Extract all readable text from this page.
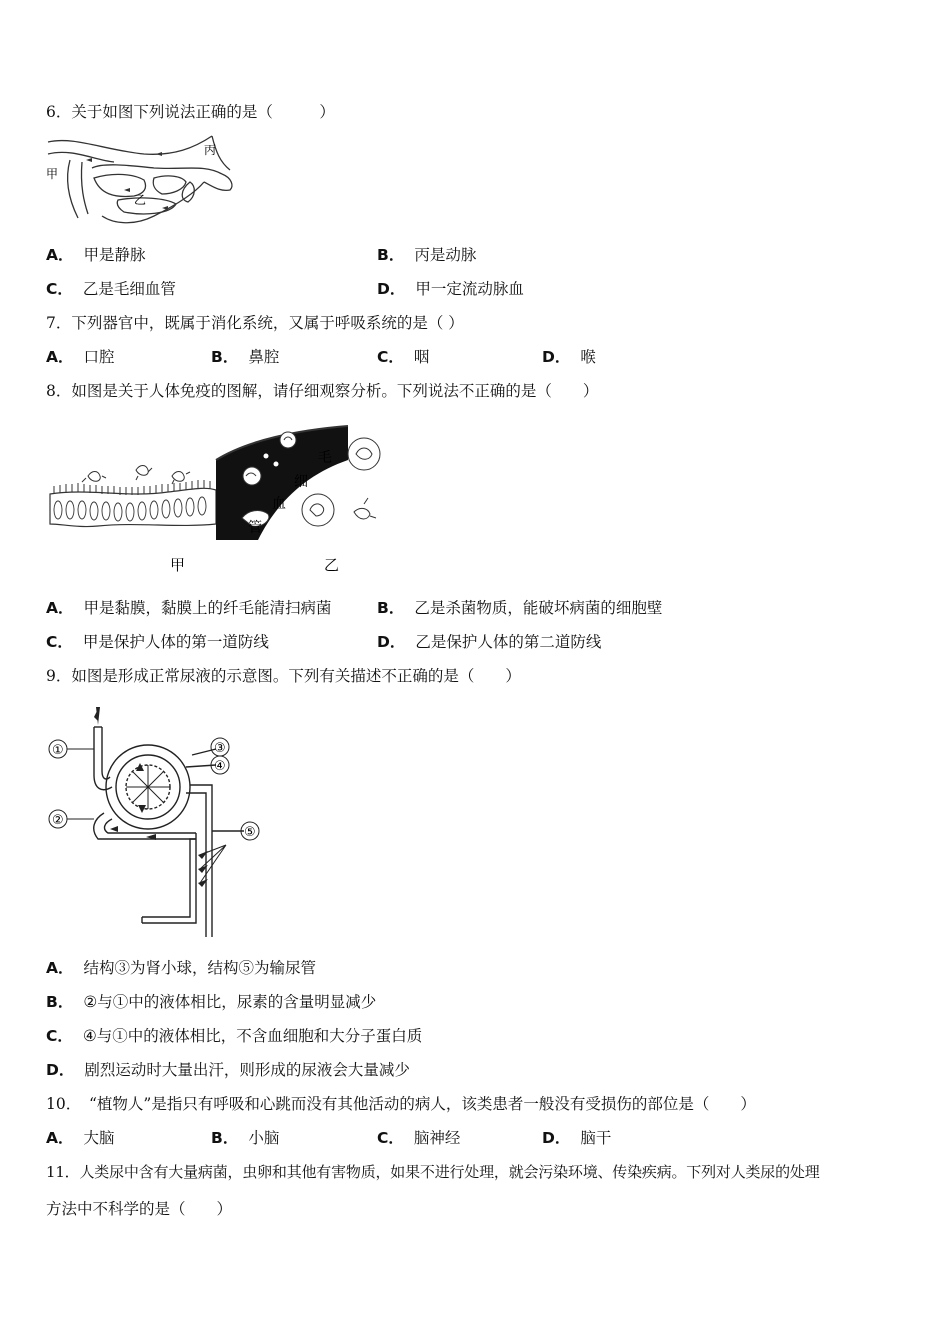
6．关于如图下列说法正确的是（　　　）
甲
乙
丙
A． 甲是静脉	B． 丙是动脉
C． 乙是毛细血管	D． 甲一定流动脉血
7．下列器官中，既属于消化系统，又属于呼吸系统的是（ ）
A． 口腔	B． 鼻腔	C． 咽	D． 喉
8．如图是关于人体免疫的图解，请仔细观察分析。下列说法不正确的是（　　）
毛
细
血
管
甲	乙
A． 甲是黏膜，黏膜上的纤毛能清扫病菌	B． 乙是杀菌物质，能破坏病菌的细胞壁
C． 甲是保护人体的第一道防线	D． 乙是保护人体的第二道防线
9．如图是形成正常尿液的示意图。下列有关描述不正确的是（　　）
①
②
③
④
⑤
A． 结构③为肾小球，结构⑤为输尿管
B． ②与①中的液体相比，尿素的含量明显减少
C． ④与①中的液体相比，不含血细胞和大分子蛋白质
D． 剧烈运动时大量出汗，则形成的尿液会大量减少
10．　“植物人”是指只有呼吸和心跳而没有其他活动的病人，该类患者一般没有受损伤的部位是（　　）
A． 大脑	B． 小脑	C． 脑神经	D． 脑干
11．人类尿中含有大量病菌，虫卵和其他有害物质，如果不进行处理，就会污染环境、传染疾病。下列对人类尿的处理
方法中不科学的是（　　）
